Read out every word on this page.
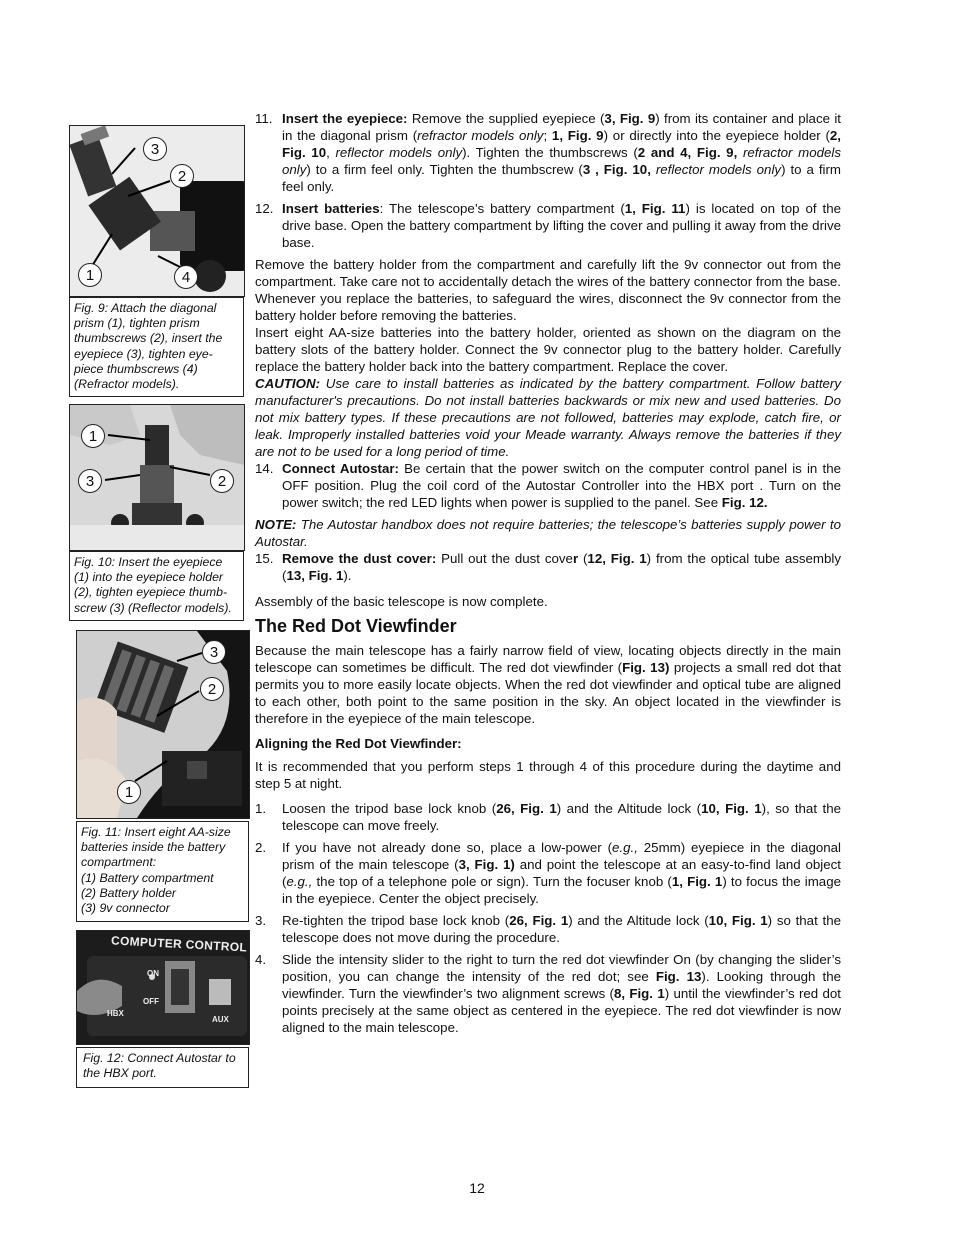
3
2
1	4
Fig. 9: Attach the diagonal
prism (1), tighten prism
thumbscrews (2), insert the
eyepiece (3), tighten eye-
piece thumbscrews (4)
(Refractor models).
1
3	2
Fig. 10: Insert the eyepiece
(1) into the eyepiece holder
(2), tighten eyepiece thumb-
screw (3) (Reflector models).
3
2
1
Fig. 11: Insert eight AA-size
batteries inside the battery
compartment:
(1) Battery compartment
(2) Battery holder
(3) 9v connector
COMPUTER CONTROL
ON
OFF
HBX
AUX
Fig. 12: Connect Autostar to
the HBX port.
11. Insert the eyepiece: Remove the supplied eyepiece (3, Fig. 9) from its container and place it in the diagonal prism (refractor models only; 1, Fig. 9) or directly into the eyepiece holder (2, Fig. 10, reflector models only). Tighten the thumbscrews (2 and 4, Fig. 9, refractor models only) to a firm feel only. Tighten the thumbscrew (3 , Fig. 10, reflector models only) to a firm feel only.
12. Insert batteries: The telescope’s battery compartment (1, Fig. 11) is located on top of the drive base. Open the battery compartment by lifting the cover and pulling it away from the drive base.

Remove the battery holder from the compartment and carefully lift the 9v connector out from the compartment. Take care not to accidentally detach the wires of the battery connector from the base. Whenever you replace the batteries, to safeguard the wires, disconnect the 9v connector from the battery holder before removing the batteries.

Insert eight AA-size batteries into the battery holder, oriented as shown on the diagram on the battery slots of the battery holder. Connect the 9v connector plug to the battery holder. Carefully replace the battery holder back into the battery compartment. Replace the cover.

CAUTION: Use care to install batteries as indicated by the battery compartment. Follow battery manufacturer's precautions. Do not install batteries backwards or mix new and used batteries. Do not mix battery types. If these precautions are not followed, batteries may explode, catch fire, or leak. Improperly installed batteries void your Meade warranty. Always remove the batteries if they are not to be used for a long period of time.

14. Connect Autostar: Be certain that the power switch on the computer control panel is in the OFF position. Plug the coil cord of the Autostar Controller into the HBX port . Turn on the power switch; the red LED lights when power is supplied to the panel. See Fig. 12.

NOTE: The Autostar handbox does not require batteries; the telescope’s batteries supply power to Autostar.

15. Remove the dust cover: Pull out the dust cover (12, Fig. 1) from the optical tube assembly (13, Fig. 1).

Assembly of the basic telescope is now complete.

The Red Dot Viewfinder

Because the main telescope has a fairly narrow field of view, locating objects directly in the main telescope can sometimes be difficult. The red dot viewfinder (Fig. 13) projects a small red dot that permits you to more easily locate objects. When the red dot viewfinder and optical tube are aligned to each other, both point to the same position in the sky. An object located in the viewfinder is therefore in the eyepiece of the main telescope.

Aligning the Red Dot Viewfinder:

It is recommended that you perform steps 1 through 4 of this procedure during the daytime and step 5 at night.

1.	Loosen the tripod base lock knob (26, Fig. 1) and the Altitude lock (10, Fig. 1), so that the telescope can move freely.
2.	If you have not already done so, place a low-power (e.g., 25mm) eyepiece in the diagonal prism of the main telescope (3, Fig. 1) and point the telescope at an easy-to-find land object (e.g., the top of a telephone pole or sign). Turn the focuser knob (1, Fig. 1) to focus the image in the eyepiece. Center the object precisely.
3.	Re-tighten the tripod base lock knob (26, Fig. 1) and the Altitude lock (10, Fig. 1) so that the telescope does not move during the procedure.
4.	Slide the intensity slider to the right to turn the red dot viewfinder On (by changing the slider’s position, you can change the intensity of the red dot; see Fig. 13). Looking through the viewfinder. Turn the viewfinder’s two alignment screws (8, Fig. 1) until the viewfinder’s red dot points precisely at the same object as centered in the eyepiece. The red dot viewfinder is now aligned to the main telescope.
12
